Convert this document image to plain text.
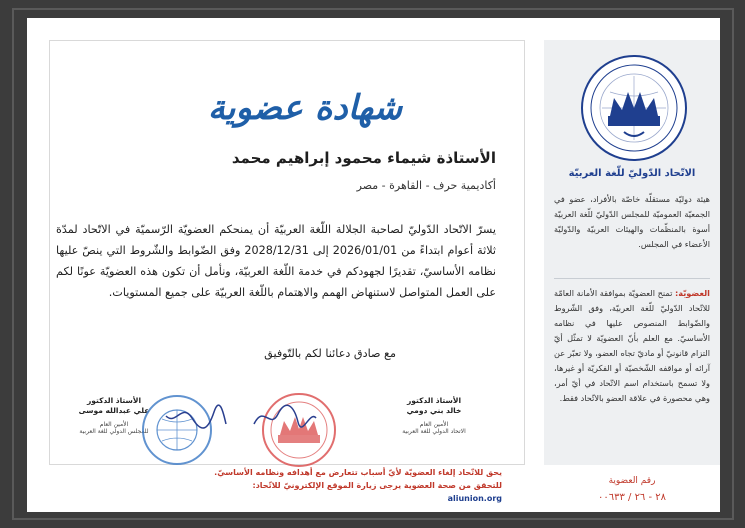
الاتّحاد الدّوليّ للّغة العربيّة
هيئة دوليّة مستقلّة خاصّة بالأفراد، عضو في الجمعيّة العموميّة للمجلس الدّوليّ للّغة العربيّة أسوة بالمنظّمات والهيئات العربيّة والدّوليّة الأعضاء في المجلس.
العضويّة: تمنح العضويّة بموافقة الأمانة العامّة للاتّحاد الدّوليّ للّغة العربيّة، وفق الشّروط والضّوابط المنصوص عليها في نظامه الأساسيّ. مع العلم بأنّ العضويّة لا تمثّل أيّ التزام قانونيّ أو ماديّ تجاه العضو، ولا تعبّر عن آرائه أو مواقفه الشّخصيّة أو الفكريّة أو غيرها، ولا تسمح باستخدام اسم الاتّحاد في أيّ أمر، وهي محصورة في علاقة العضو بالاتّحاد فقط.
شهادة عضوية
الأستاذة شيماء محمود إبراهيم محمد
أكاديمية حرف - القاهرة - مصر
يسرّ الاتّحاد الدّوليّ لصاحبة الجلالة اللّغة العربيّة أن يمنحكم العضويّة الرّسميّة في الاتّحاد لمدّة ثلاثة أعوام ابتداءً من 2026/01/01 إلى 2028/12/31 وفق الضّوابط والشّروط التي ينصّ عليها نظامه الأساسيّ، تقديرًا لجهودكم في خدمة اللّغة العربيّة، ونأمل أن تكون هذه العضويّة عونًا لكم على العمل المتواصل لاستنهاض الهمم والاهتمام باللّغة العربيّة على جميع المستويات.
مع صادق دعائنا لكم بالتّوفيق
الأستاذ الدكتور
خالد بني دومي
الأمين العام
الاتحاد الدولي للغة العربية
الأستاذ الدكتور
علي عبدالله موسى
الأمين العام
للمجلس الدولي للغة العربية
يحق للاتّحاد إلغاء العضويّة لأيّ أسباب تتعارض مع أهدافه ونظامه الأساسيّ.
للتحقق من صحة العضوية يرجى زيارة الموقع الإلكترونيّ للاتّحاد:
aliunion.org
رقم العضوية
٢٨ - ٢٦ / ٠٠٦٣٣
